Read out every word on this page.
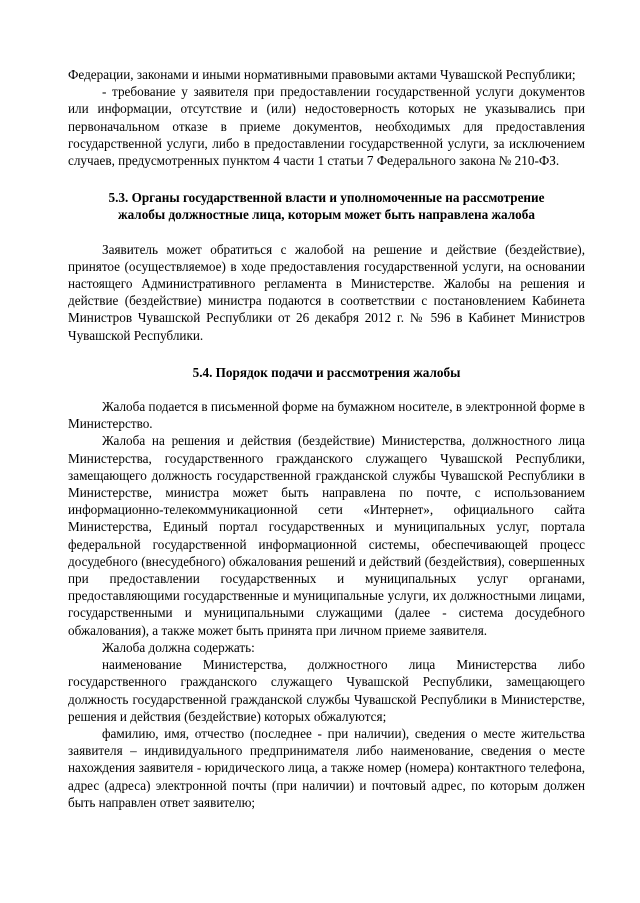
Федерации, законами и иными нормативными правовыми актами Чувашской Республики;

- требование у заявителя при предоставлении государственной услуги документов или информации, отсутствие и (или) недостоверность которых не указывались при первоначальном отказе в приеме документов, необходимых для предоставления государственной услуги, либо в предоставлении государственной услуги, за исключением случаев, предусмотренных пунктом 4 части 1 статьи 7 Федерального закона № 210-ФЗ.

5.3. Органы государственной власти и уполномоченные на рассмотрение

жалобы должностные лица, которым может быть направлена жалоба

Заявитель может обратиться с жалобой на решение и действие (бездействие), принятое (осуществляемое) в ходе предоставления государственной услуги, на основании настоящего Административного регламента в Министерстве. Жалобы на решения и действие (бездействие) министра подаются в соответствии с постановлением Кабинета Министров Чувашской Республики от 26 декабря 2012 г. № 596 в Кабинет Министров Чувашской Республики.

5.4. Порядок подачи и рассмотрения жалобы

Жалоба подается в письменной форме на бумажном носителе, в электронной форме в Министерство.

Жалоба на решения и действия (бездействие) Министерства, должностного лица Министерства, государственного гражданского служащего Чувашской Республики, замещающего должность государственной гражданской службы Чувашской Республики в Министерстве, министра может быть направлена по почте, с использованием информационно-телекоммуникационной сети «Интернет», официального сайта Министерства, Единый портал государственных и муниципальных услуг, портала федеральной государственной информационной системы, обеспечивающей процесс досудебного (внесудебного) обжалования решений и действий (бездействия), совершенных при предоставлении государственных и муниципальных услуг органами, предоставляющими государственные и муниципальные услуги, их должностными лицами, государственными и муниципальными служащими (далее - система досудебного обжалования), а также может быть принята при личном приеме заявителя.

Жалоба должна содержать:

наименование Министерства, должностного лица Министерства либо государственного гражданского служащего Чувашской Республики, замещающего должность государственной гражданской службы Чувашской Республики в Министерстве, решения и действия (бездействие) которых обжалуются;

фамилию, имя, отчество (последнее - при наличии), сведения о месте жительства заявителя – индивидуального предпринимателя либо наименование, сведения о месте нахождения заявителя - юридического лица, а также номер (номера) контактного телефона, адрес (адреса) электронной почты (при наличии) и почтовый адрес, по которым должен быть направлен ответ заявителю;
